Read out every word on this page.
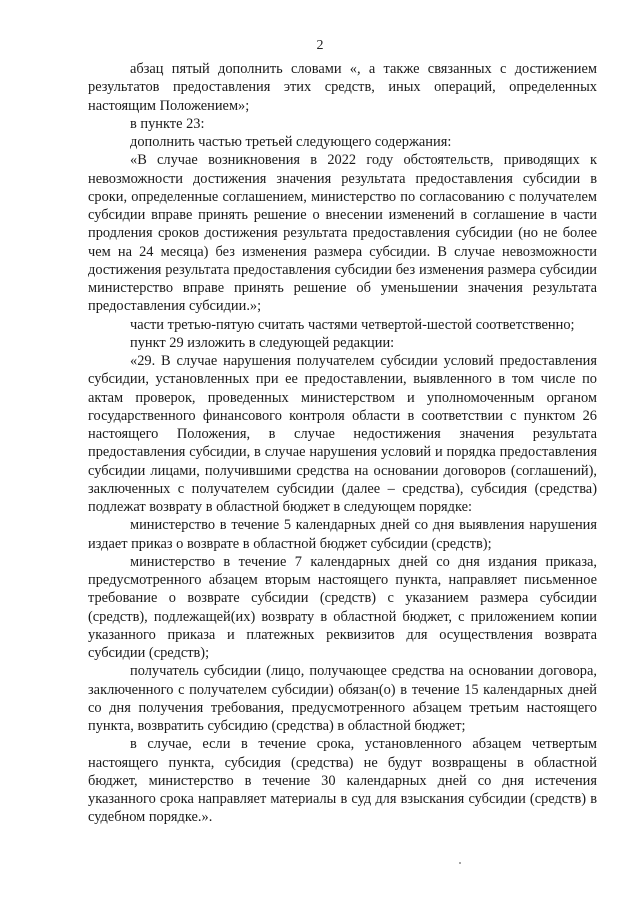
2

абзац пятый дополнить словами «, а также связанных с достижением результатов предоставления этих средств, иных операций, определенных настоящим Положением»;

в пункте 23:

дополнить частью третьей следующего содержания:

«В случае возникновения в 2022 году обстоятельств, приводящих к невозможности достижения значения результата предоставления субсидии в сроки, определенные соглашением, министерство по согласованию с получателем субсидии вправе принять решение о внесении изменений в соглашение в части продления сроков достижения результата предоставления субсидии (но не более чем на 24 месяца) без изменения размера субсидии. В случае невозможности достижения результата предоставления субсидии без изменения размера субсидии министерство вправе принять решение об уменьшении значения результата предоставления субсидии.»;

части третью-пятую считать частями четвертой-шестой соответственно;

пункт 29 изложить в следующей редакции:

«29. В случае нарушения получателем субсидии условий предоставления субсидии, установленных при ее предоставлении, выявленного в том числе по актам проверок, проведенных министерством и уполномоченным органом государственного финансового контроля области в соответствии с пунктом 26 настоящего Положения, в случае недостижения значения результата предоставления субсидии, в случае нарушения условий и порядка предоставления субсидии лицами, получившими средства на основании договоров (соглашений), заключенных с получателем субсидии (далее – средства), субсидия (средства) подлежат возврату в областной бюджет в следующем порядке:

министерство в течение 5 календарных дней со дня выявления нарушения издает приказ о возврате в областной бюджет субсидии (средств);

министерство в течение 7 календарных дней со дня издания приказа, предусмотренного абзацем вторым настоящего пункта, направляет письменное требование о возврате субсидии (средств) с указанием размера субсидии (средств), подлежащей(их) возврату в областной бюджет, с приложением копии указанного приказа и платежных реквизитов для осуществления возврата субсидии (средств);

получатель субсидии (лицо, получающее средства на основании договора, заключенного с получателем субсидии) обязан(о) в течение 15 календарных дней со дня получения требования, предусмотренного абзацем третьим настоящего пункта, возвратить субсидию (средства) в областной бюджет;

в случае, если в течение срока, установленного абзацем четвертым настоящего пункта, субсидия (средства) не будут возвращены в областной бюджет, министерство в течение 30 календарных дней со дня истечения указанного срока направляет материалы в суд для взыскания субсидии (средств) в судебном порядке.».
